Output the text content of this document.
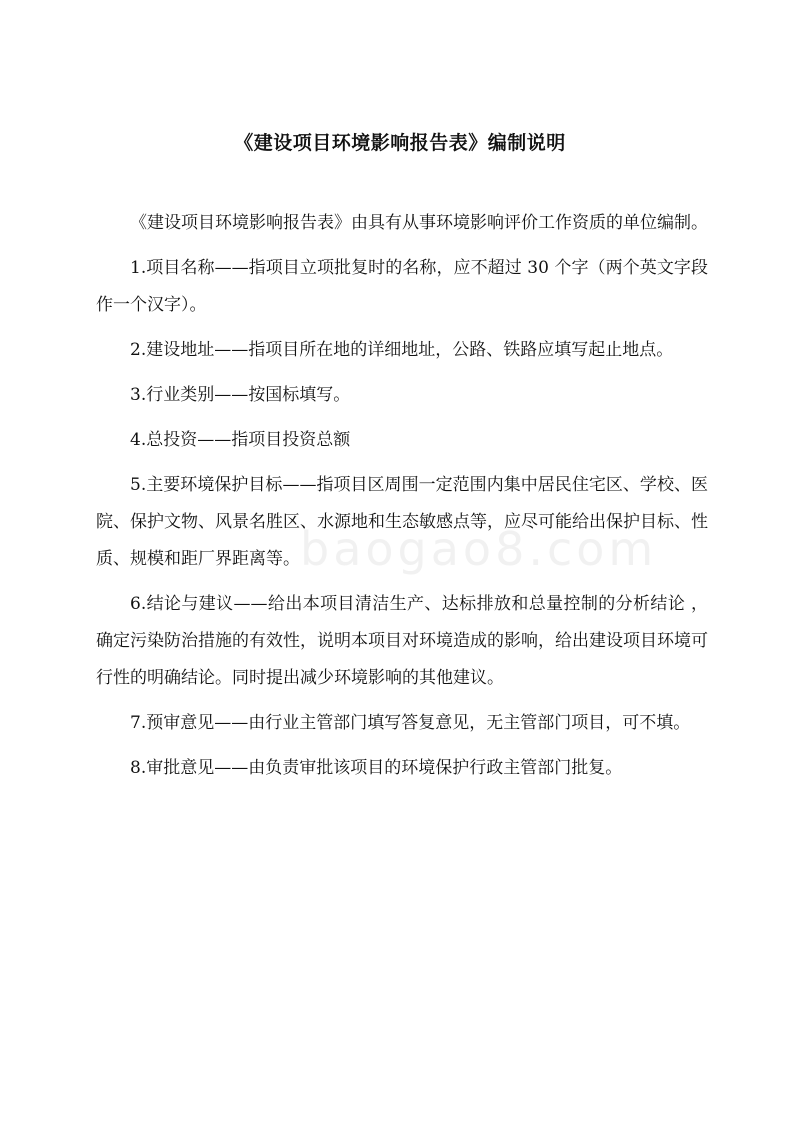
《建设项目环境影响报告表》编制说明

《建设项目环境影响报告表》由具有从事环境影响评价工作资质的单位编制。

1.项目名称——指项目立项批复时的名称，应不超过 30 个字（两个英文字段作一个汉字）。

2.建设地址——指项目所在地的详细地址，公路、铁路应填写起止地点。

3.行业类别——按国标填写。

4.总投资——指项目投资总额

5.主要环境保护目标——指项目区周围一定范围内集中居民住宅区、学校、医院、保护文物、风景名胜区、水源地和生态敏感点等，应尽可能给出保护目标、性质、规模和距厂界距离等。

6.结论与建议——给出本项目清洁生产、达标排放和总量控制的分析结论 ，确定污染防治措施的有效性，说明本项目对环境造成的影响，给出建设项目环境可行性的明确结论。同时提出减少环境影响的其他建议。

7.预审意见——由行业主管部门填写答复意见，无主管部门项目，可不填。

8.审批意见——由负责审批该项目的环境保护行政主管部门批复。

baogao8.com
